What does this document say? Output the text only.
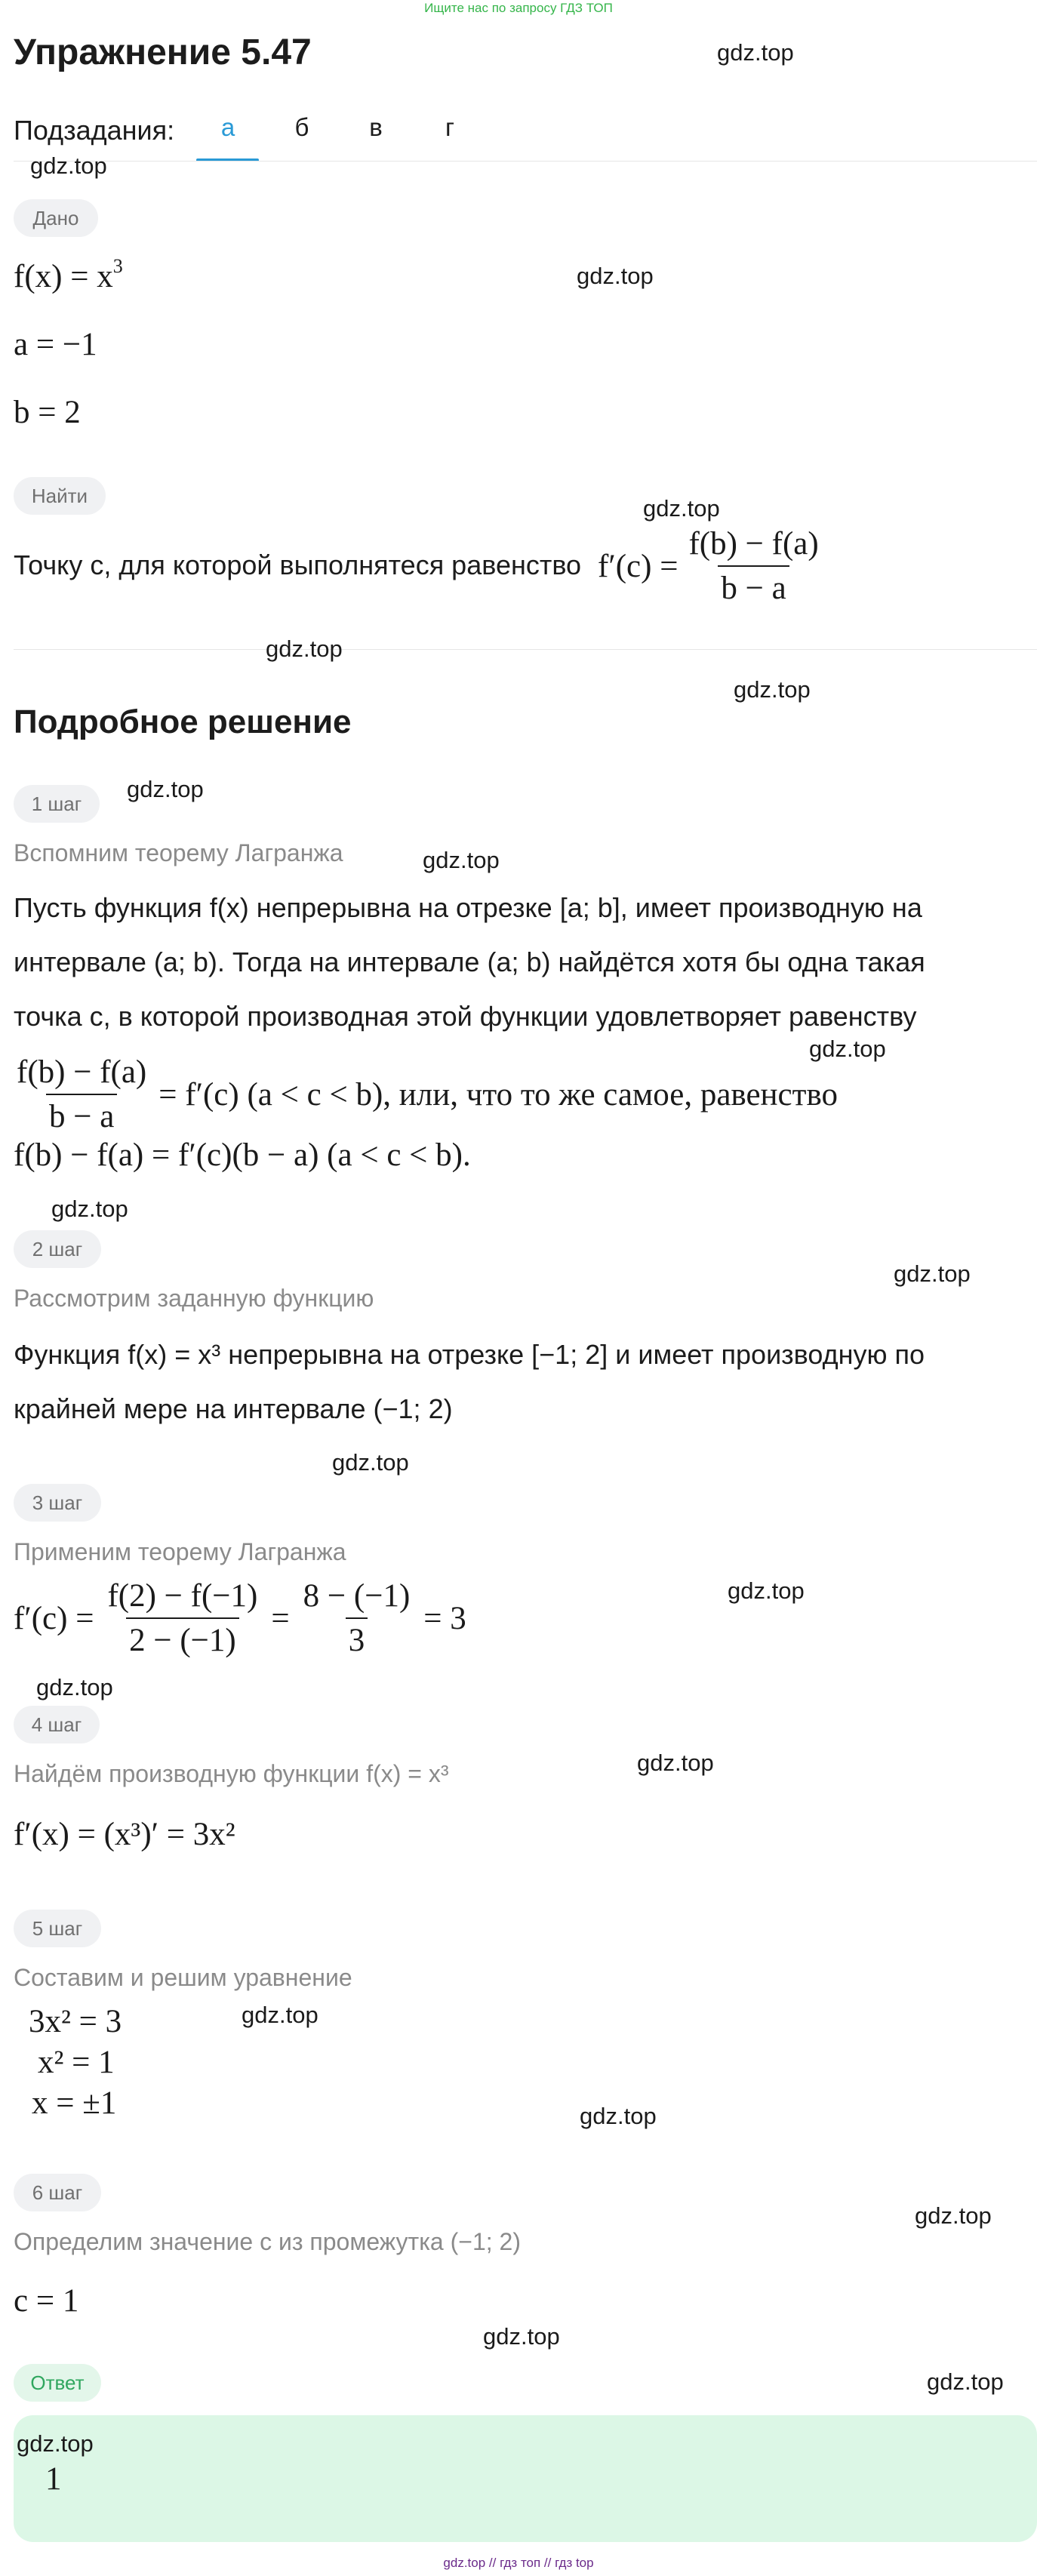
Ищите нас по запросу ГДЗ ТОП
Упражнение 5.47
Подзадания:	а	б	в	г
Дано
$f(x) = x^3$
a = −1
b = 2
Найти
Точку c, для которой выполнятеся равенство $f'(c) = \frac{f(b) - f(a)}{b - a}$
Подробное решение
1 шаг
Вспомним теорему Лагранжа
Пусть функция f(x) непрерывна на отрезке [a; b], имеет производную на
интервале (a; b). Тогда на интервале (a; b) найдётся хотя бы одна такая
точка c, в которой производная этой функции удовлетворяет равенству
$\frac{f(b) - f(a)}{b - a} = f'(c) (a < c < b)$, или, что то же самое, равенство
f(b) − f(a) = f′(c)(b − a) (a < c < b).
2 шаг
Рассмотрим заданную функцию
Функция f(x) = x³ непрерывна на отрезке [−1; 2] и имеет производную по
крайней мере на интервале (−1; 2)
3 шаг
Применим теорему Лагранжа
$f'(c) = \frac{f(2) - f(-1)}{2 - (-1)} = \frac{8 - (-1)}{3} = 3$
4 шаг
Найдём производную функции f(x) = x³
f′(x) = (x³)′ = 3x²
5 шаг
Составим и решим уравнение
3x² = 3
x² = 1
x = ±1
6 шаг
Определим значение c из промежутка (−1; 2)
c = 1
Ответ
1
gdz.top
gdz.top
gdz.top
gdz.top
gdz.top
gdz.top
gdz.top
gdz.top
gdz.top
gdz.top
gdz.top
gdz.top
gdz.top
gdz.top
gdz.top
gdz.top
gdz.top
gdz.top
gdz.top
gdz.top
gdz.top
gdz.top // гдз топ // гдз top
